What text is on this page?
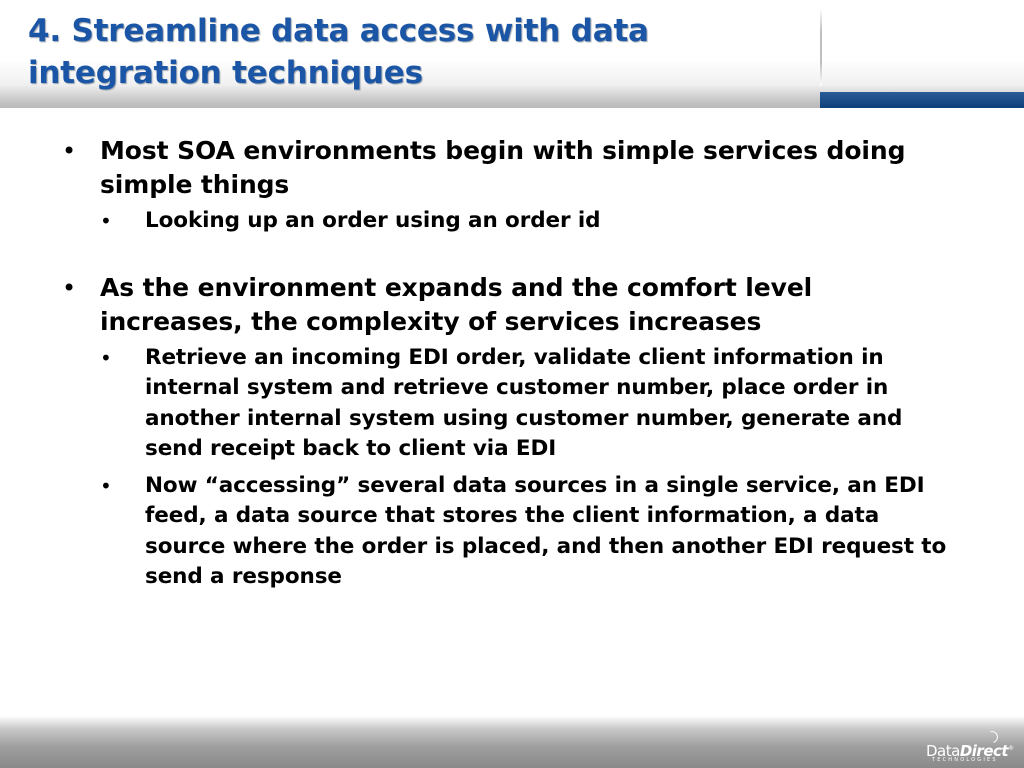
4. Streamline data access with data
integration techniques
• Most SOA environments begin with simple services doing simple things
• Looking up an order using an order id
• As the environment expands and the comfort level increases, the complexity of services increases
• Retrieve an incoming EDI order, validate client information in internal system and retrieve customer number, place order in another internal system using customer number, generate and send receipt back to client via EDI
• Now “accessing” several data sources in a single service, an EDI feed, a data source that stores the client information, a data source where the order is placed, and then another EDI request to send a response
DataDirect®
TECHNOLOGIES
